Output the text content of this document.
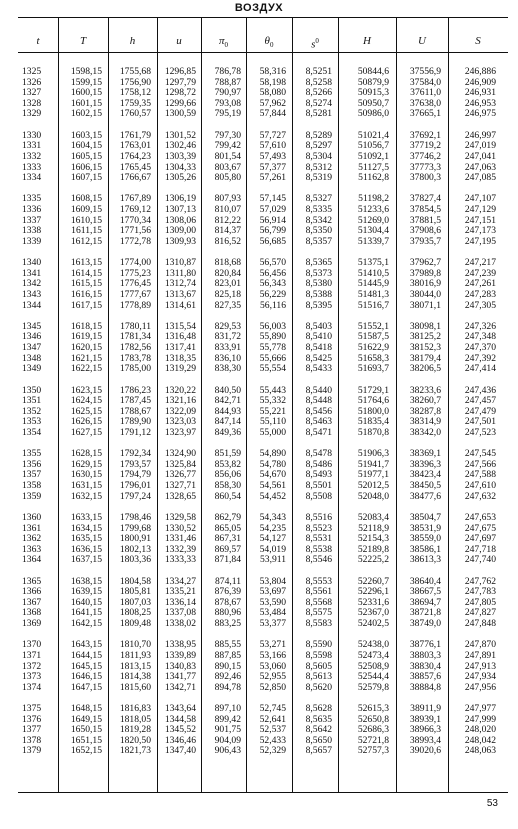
ВОЗДУХ
t	T	h	u	$\pi_0$	$\theta_0$	$s^0$	H	U	S
1325	1598,15	1755,68	1296,85	786,78	58,316	8,5251	50844,6	37556,9	246,886
1326	1599,15	1756,90	1297,79	788,87	58,198	8,5258	50879,9	37584,0	246,909
1327	1600,15	1758,12	1298,72	790,97	58,080	8,5266	50915,3	37611,0	246,931
1328	1601,15	1759,35	1299,66	793,08	57,962	8,5274	50950,7	37638,0	246,953
1329	1602,15	1760,57	1300,59	795,19	57,844	8,5281	50986,0	37665,1	246,975
1330	1603,15	1761,79	1301,52	797,30	57,727	8,5289	51021,4	37692,1	246,997
1331	1604,15	1763,01	1302,46	799,42	57,610	8,5297	51056,7	37719,2	247,019
1332	1605,15	1764,23	1303,39	801,54	57,493	8,5304	51092,1	37746,2	247,041
1333	1606,15	1765,45	1304,33	803,67	57,377	8,5312	51127,5	37773,3	247,063
1334	1607,15	1766,67	1305,26	805,80	57,261	8,5319	51162,8	37800,3	247,085
1335	1608,15	1767,89	1306,19	807,93	57,145	8,5327	51198,2	37827,4	247,107
1336	1609,15	1769,12	1307,13	810,07	57,029	8,5335	51233,6	37854,5	247,129
1337	1610,15	1770,34	1308,06	812,22	56,914	8,5342	51269,0	37881,5	247,151
1338	1611,15	1771,56	1309,00	814,37	56,799	8,5350	51304,4	37908,6	247,173
1339	1612,15	1772,78	1309,93	816,52	56,685	8,5357	51339,7	37935,7	247,195
1340	1613,15	1774,00	1310,87	818,68	56,570	8,5365	51375,1	37962,7	247,217
1341	1614,15	1775,23	1311,80	820,84	56,456	8,5373	51410,5	37989,8	247,239
1342	1615,15	1776,45	1312,74	823,01	56,343	8,5380	51445,9	38016,9	247,261
1343	1616,15	1777,67	1313,67	825,18	56,229	8,5388	51481,3	38044,0	247,283
1344	1617,15	1778,89	1314,61	827,35	56,116	8,5395	51516,7	38071,1	247,305
1345	1618,15	1780,11	1315,54	829,53	56,003	8,5403	51552,1	38098,1	247,326
1346	1619,15	1781,34	1316,48	831,72	55,890	8,5410	51587,5	38125,2	247,348
1347	1620,15	1782,56	1317,41	833,91	55,778	8,5418	51622,9	38152,3	247,370
1348	1621,15	1783,78	1318,35	836,10	55,666	8,5425	51658,3	38179,4	247,392
1349	1622,15	1785,00	1319,29	838,30	55,554	8,5433	51693,7	38206,5	247,414
1350	1623,15	1786,23	1320,22	840,50	55,443	8,5440	51729,1	38233,6	247,436
1351	1624,15	1787,45	1321,16	842,71	55,332	8,5448	51764,6	38260,7	247,457
1352	1625,15	1788,67	1322,09	844,93	55,221	8,5456	51800,0	38287,8	247,479
1353	1626,15	1789,90	1323,03	847,14	55,110	8,5463	51835,4	38314,9	247,501
1354	1627,15	1791,12	1323,97	849,36	55,000	8,5471	51870,8	38342,0	247,523
1355	1628,15	1792,34	1324,90	851,59	54,890	8,5478	51906,3	38369,1	247,545
1356	1629,15	1793,57	1325,84	853,82	54,780	8,5486	51941,7	38396,3	247,566
1357	1630,15	1794,79	1326,77	856,06	54,670	8,5493	51977,1	38423,4	247,588
1358	1631,15	1796,01	1327,71	858,30	54,561	8,5501	52012,5	38450,5	247,610
1359	1632,15	1797,24	1328,65	860,54	54,452	8,5508	52048,0	38477,6	247,632
1360	1633,15	1798,46	1329,58	862,79	54,343	8,5516	52083,4	38504,7	247,653
1361	1634,15	1799,68	1330,52	865,05	54,235	8,5523	52118,9	38531,9	247,675
1362	1635,15	1800,91	1331,46	867,31	54,127	8,5531	52154,3	38559,0	247,697
1363	1636,15	1802,13	1332,39	869,57	54,019	8,5538	52189,8	38586,1	247,718
1364	1637,15	1803,36	1333,33	871,84	53,911	8,5546	52225,2	38613,3	247,740
1365	1638,15	1804,58	1334,27	874,11	53,804	8,5553	52260,7	38640,4	247,762
1366	1639,15	1805,81	1335,21	876,39	53,697	8,5561	52296,1	38667,5	247,783
1367	1640,15	1807,03	1336,14	878,67	53,590	8,5568	52331,6	38694,7	247,805
1368	1641,15	1808,25	1337,08	880,96	53,484	8,5575	52367,0	38721,8	247,827
1369	1642,15	1809,48	1338,02	883,25	53,377	8,5583	52402,5	38749,0	247,848
1370	1643,15	1810,70	1338,95	885,55	53,271	8,5590	52438,0	38776,1	247,870
1371	1644,15	1811,93	1339,89	887,85	53,166	8,5598	52473,4	38803,3	247,891
1372	1645,15	1813,15	1340,83	890,15	53,060	8,5605	52508,9	38830,4	247,913
1373	1646,15	1814,38	1341,77	892,46	52,955	8,5613	52544,4	38857,6	247,934
1374	1647,15	1815,60	1342,71	894,78	52,850	8,5620	52579,8	38884,8	247,956
1375	1648,15	1816,83	1343,64	897,10	52,745	8,5628	52615,3	38911,9	247,977
1376	1649,15	1818,05	1344,58	899,42	52,641	8,5635	52650,8	38939,1	247,999
1377	1650,15	1819,28	1345,52	901,75	52,537	8,5642	52686,3	38966,3	248,020
1378	1651,15	1820,50	1346,46	904,09	52,433	8,5650	52721,8	38993,4	248,042
1379	1652,15	1821,73	1347,40	906,43	52,329	8,5657	52757,3	39020,6	248,063
53
